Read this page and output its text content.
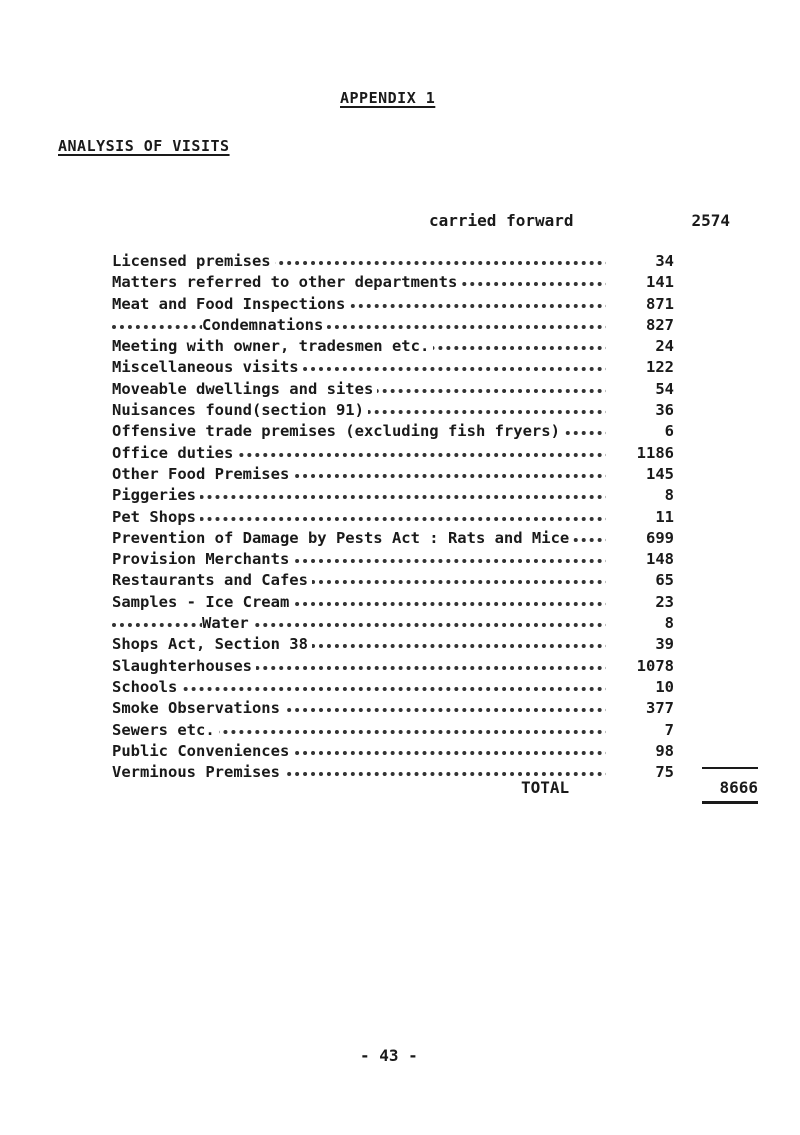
APPENDIX 1
ANALYSIS OF VISITS
carried forward	2574
Licensed premises	34
Matters referred to other departments	141
Meat and Food Inspections	871
Condemnations	827
Meeting with owner, tradesmen etc.	24
Miscellaneous visits	122
Moveable dwellings and sites	54
Nuisances found(section 91)	36
Offensive trade premises (excluding fish fryers)	6
Office duties	1186
Other Food Premises	145
Piggeries	8
Pet Shops	11
Prevention of Damage by Pests Act : Rats and Mice	699
Provision Merchants	148
Restaurants and Cafes	65
Samples - Ice Cream	23
Water	8
Shops Act, Section 38	39
Slaughterhouses	1078
Schools	10
Smoke Observations	377
Sewers etc.	7
Public Conveniences	98
Verminous Premises	75
TOTAL	8666
- 43 -
